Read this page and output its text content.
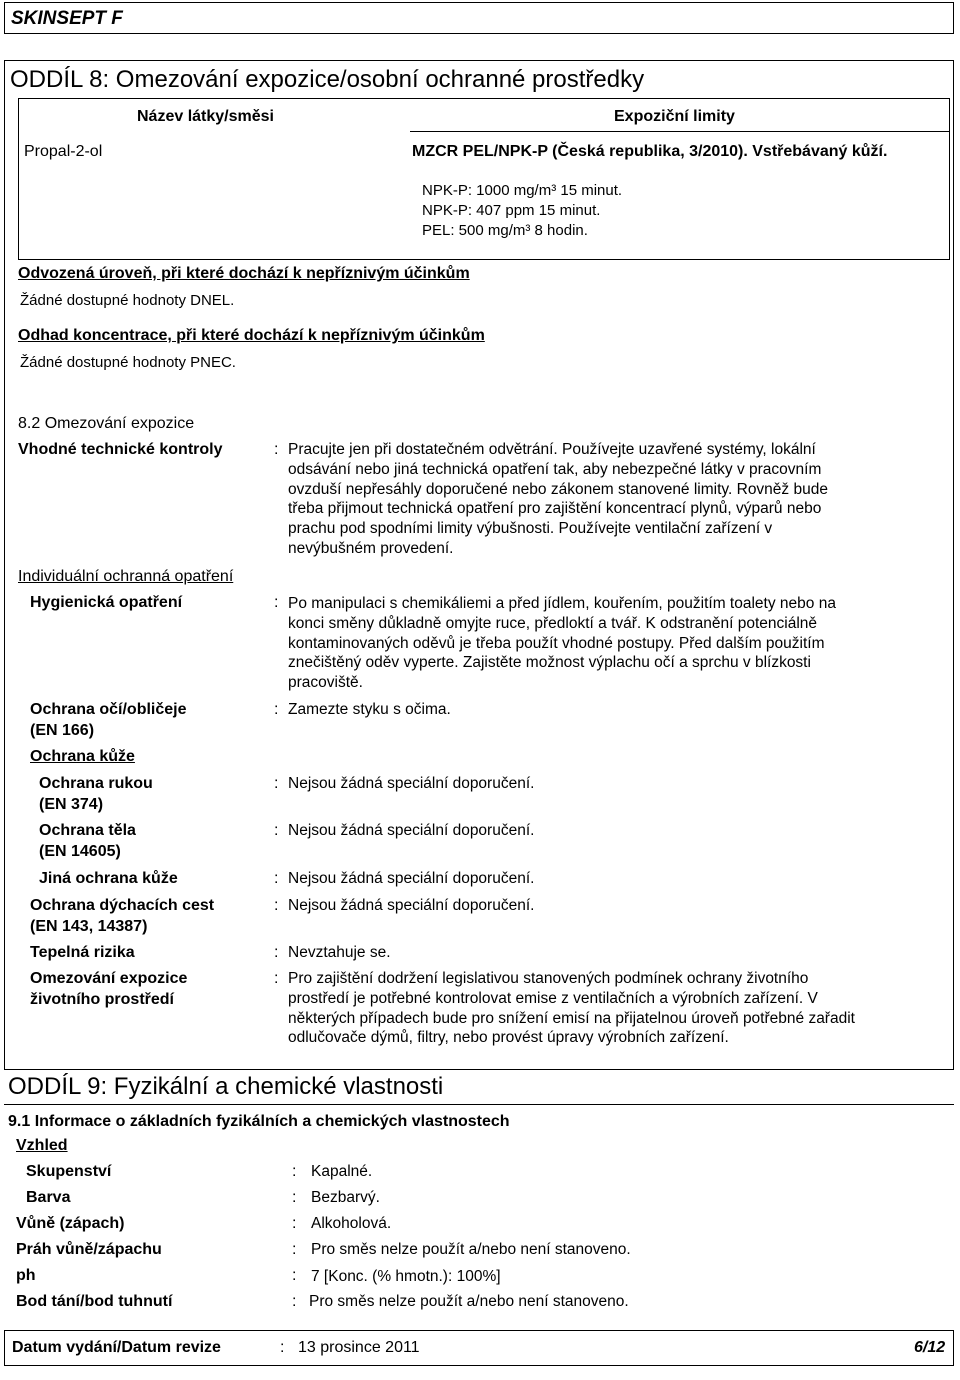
SKINSEPT F
ODDÍL 8: Omezování expozice/osobní ochranné prostředky
Název látky/směsi	Expoziční limity
Propal-2-ol	MZCR PEL/NPK-P (Česká republika, 3/2010). Vstřebávaný kůží.
NPK-P: 1000 mg/m³ 15 minut.
NPK-P: 407 ppm 15 minut.
PEL: 500 mg/m³ 8 hodin.
Odvozená úroveň, při které dochází k nepříznivým účinkům
Žádné dostupné hodnoty DNEL.
Odhad koncentrace, při které dochází k nepříznivým účinkům
Žádné dostupné hodnoty PNEC.
8.2 Omezování expozice
Vhodné technické kontroly	: Pracujte jen při dostatečném odvětrání. Používejte uzavřené systémy, lokální
odsávání nebo jiná technická opatření tak, aby nebezpečné látky v pracovním
ovzduší nepřesáhly doporučené nebo zákonem stanovené limity. Rovněž bude
třeba přijmout technická opatření pro zajištění koncentrací plynů, výparů nebo
prachu pod spodními limity výbušnosti. Používejte ventilační zařízení v
nevýbušném provedení.
Individuální ochranná opatření
Hygienická opatření	: Po manipulaci s chemikáliemi a před jídlem, kouřením, použitím toalety nebo na
konci směny důkladně omyjte ruce, předloktí a tvář. K odstranění potenciálně
kontaminovaných oděvů je třeba použít vhodné postupy. Před dalším použitím
znečištěný oděv vyperte. Zajistěte možnost výplachu očí a sprchu v blízkosti
pracoviště.
Ochrana očí/obličeje
(EN 166)
: Zamezte styku s očima.
Ochrana kůže
Ochrana rukou
(EN 374)
: Nejsou žádná speciální doporučení.
Ochrana těla
(EN 14605)
: Nejsou žádná speciální doporučení.
Jiná ochrana kůže	: Nejsou žádná speciální doporučení.
Ochrana dýchacích cest
(EN 143, 14387)
: Nejsou žádná speciální doporučení.
Tepelná rizika	: Nevztahuje se.
Omezování expozice
životního prostředí
: Pro zajištění dodržení legislativou stanovených podmínek ochrany životního
prostředí je potřebné kontrolovat emise z ventilačních a výrobních zařízení. V
některých případech bude pro snížení emisí na přijatelnou úroveň potřebné zařadit
odlučovače dýmů, filtry, nebo provést úpravy výrobních zařízení.
ODDÍL 9: Fyzikální a chemické vlastnosti
9.1 Informace o základních fyzikálních a chemických vlastnostech
Vzhled
Skupenství	: Kapalné.
Barva	: Bezbarvý.
Vůně (zápach)	: Alkoholová.
Práh vůně/zápachu	: Pro směs nelze použít a/nebo není stanoveno.
ph	: 7 [Konc. (% hmotn.): 100%]
Bod tání/bod tuhnutí	: Pro směs nelze použít a/nebo není stanoveno.
Datum vydání/Datum revize	: 13 prosince 2011	6/12
